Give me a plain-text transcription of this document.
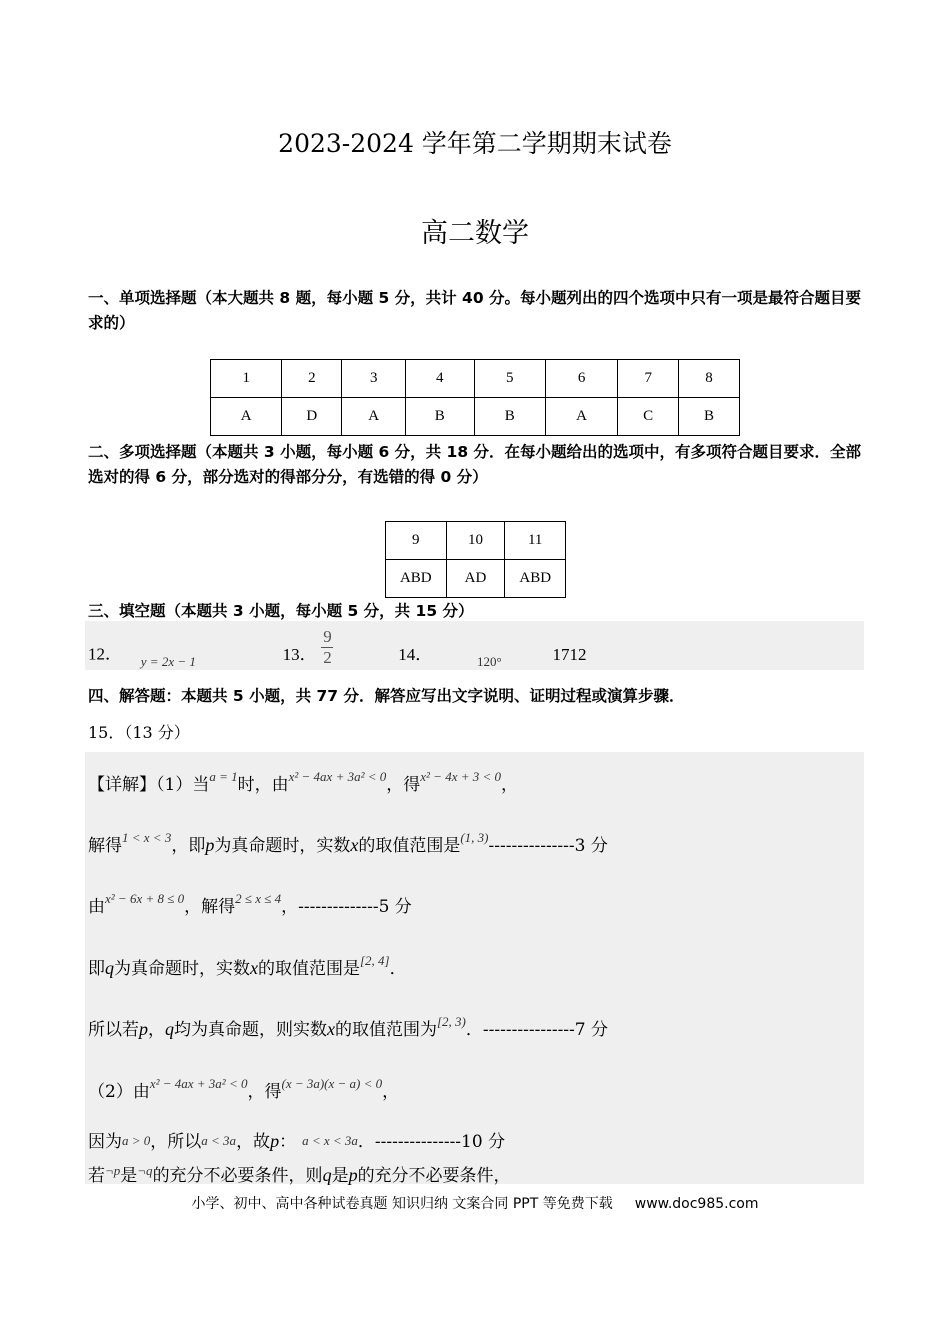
2023-2024 学年第二学期期末试卷
高二数学
一、单项选择题（本大题共 8 题，每小题 5 分，共计 40 分。每小题列出的四个选项中只有一项是最符合题目要求的）
1	2	3	4	5	6	7	8
A	D	A	B	B	A	C	B
二、多项选择题（本题共 3 小题，每小题 6 分，共 18 分．在每小题给出的选项中，有多项符合题目要求．全部选对的得 6 分，部分选对的得部分分，有选错的得 0 分）
9	10	11
ABD	AD	ABD
三、填空题（本题共 3 小题，每小题 5 分，共 15 分）
12． y = 2x − 1	13． $\frac{9}{2}$	14．	120°	1712
四、解答题：本题共 5 小题，共 77 分．解答应写出文字说明、证明过程或演算步骤．
15．（13 分）
【详解】（1）当$^{a = 1}$时，由$^{x^2 - 4ax + 3a^2 < 0}$，得$^{x^2 - 4x + 3 < 0}$，
解得$^{1 < x < 3}$，即p为真命题时，实数x的取值范围是$^{(1, 3)}$---------------3 分
由$^{x^2 - 6x + 8 \le 0}$，解得$^{2 \le x \le 4}$，--------------5 分
即q为真命题时，实数x的取值范围是[2, 4]．
所以若p，q均为真命题，则实数x的取值范围为$^{[2, 3)}$．----------------7 分
（2）由$^{x^2 - 4ax + 3a^2 < 0}$，得$^{(x - 3a)(x - a) < 0}$，
因为a > 0，所以a < 3a，故p： a < x < 3a．---------------10 分
若$^{\neg p}$是$^{\neg q}$的充分不必要条件，则q是p的充分不必要条件，
小学、初中、高中各种试卷真题 知识归纳 文案合同 PPT 等免费下载 www.doc985.com
